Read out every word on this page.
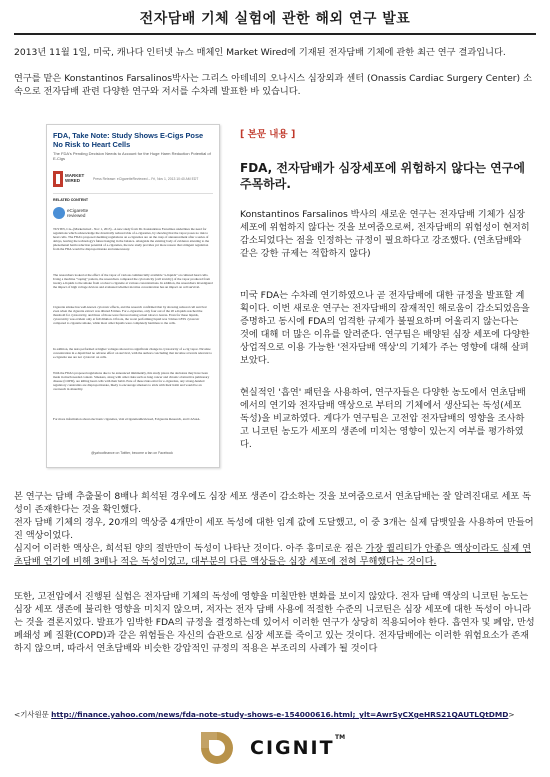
전자담배 기체 실험에 관한 해외 연구 발표

2013년 11월 1일, 미국, 캐나다 인터넷 뉴스 매체인 Market Wired에 기재된 전자담배 기체에 관한 최근 연구 결과입니다.

연구를 맡은 Konstantinos Farsalinos박사는 그리스 아테네의 오나시스 심장외과 센터 (Onassis Cardiac Surgery Center) 소속으로 전자담배 관련 다양한 연구와 저서를 수차례 발표한 바 있습니다.

FDA, Take Note: Study Shows E-Cigs Pose No Risk to Heart Cells
The FDA's Pending Decision Needs to Account for the Huge Harm Reduction Potential of E-Cigs
MARKET
WIRED	Press Release: eCigaretteReviewed – Fri, Nov 1, 2013 10:40 AM EDT
RELATED CONTENT
eCigarette
reviewed

TUSTIN, CA--(Marketwired - Nov 1, 2013) - A new study from Dr. Konstantinos Farsalinos underlines the need for regulations which acknowledge the drastically reduced risk of e-cigarettes, by showing that the vapor poses no risk to heart cells. The FDA's proposed deeming regulations on e-cigarettes are on the cusp of announcement after a series of delays, leaving the technology's future hanging in the balance. Alongside the existing body of evidence attesting to the phenomenal harm reduction potential of e-cigarettes, the new study provides yet more reason that stringent regulation from the FDA would be disproportionate and unnecessary.

The researchers looked at the effect of the vapor of various commercially available "e-liquids" on cultured heart cells. Using a machine "vaping" pattern, the researchers compared the cytotoxicity (cell toxicity) of the vapor produced from twenty e-liquids to the smoke from a tobacco cigarette at various concentrations. In addition, the researchers investigated the impact of high voltage devices and evaluated whether nicotine concentration has an impact on cell survival.

Cigarette smoke has well-known cytotoxic effects, and the research confirmed that by showing reduced cell survival even when the cigarette extract was diluted 8 times. For e-cigarettes, only four out of the 20 e-liquids reached the threshold for cytotoxicity, and three of those were flavored using actual tobacco leaves. Even for these liquids, cytotoxicity was evident only at full dilution. Of note, the worst performing liquid was 3 times LESS cytotoxic compared to cigarette smoke, while most other liquids were completely harmless to the cells.

In addition, the tests performed at higher voltages showed no significant change in cytotoxicity of e-cig vapor. Nicotine concentration in e-liquid had no adverse effect on survival, with the authors concluding that nicotine at levels relevant to e-cigarette use are not cytotoxic on cells.

With the FDA's proposed regulations due to be announced imminently, this study places the decisions they have been made in much needed context. Smokers, along with other risks such as lung cancer and chronic obstructive pulmonary disease (COPD), are killing heart cells with their habit. Pure of these risks exist for e-cigarettes, any strong-handed regulatory constraints are disproportionate, likely to encourage smokers to stick with their habit and would be an overreach in absurdity.

For more information about electronic cigarettes, visit eCigarettesReviewed, Ecigarette Research, and CASAA.

@yahoofinance on Twitter, become a fan on Facebook
[ 본문 내용 ]

FDA, 전자담배가 심장세포에 위험하지 않다는 연구에 주목하라.

Konstantinos Farsalinos 박사의 새로운 연구는 전자담배 기체가 심장 세포에 위험하지 않다는 것을 보여줌으로써, 전자담배의 위험성이 현저히 감소되었다는 점을 인정하는 규정이 필요하다고 강조했다. (연초담배와 같은 강한 규제는 적합하지 않다)

미국 FDA는 수차례 연기하였으나 곧 전자담배에 대한 규정을 발표할 계획이다. 이번 새로운 연구는 전자담배의 잠재적인 해로움이 감소되었음을 증명하고 동시에 FDA의 엄격한 규제가 불필요하며 어울리지 않는다는 것에 대해 더 많은 이유를 알려준다. 연구팀은 배양된 심장 세포에 다양한 상업적으로 이용 가능한 '전자담배 액상'의 기체가 주는 영향에 대해 살펴보았다.

현실적인 '흡연' 패턴을 사용하여, 연구자들은 다양한 농도에서 연초담배에서의 연기와 전자담배 액상으로 부터의 기체에서 생산되는 독성(세포 독성)을 비교하였다. 게다가 연구팀은 고전압 전자담배의 영향을 조사하고 니코틴 농도가 세포의 생존에 미치는 영향이 있는지 여부를 평가하였다.

본 연구는 담배 추출물이 8배나 희석된 경우에도 심장 세포 생존이 감소하는 것을 보여줌으로서 연초담배는 잘 알려진대로 세포 독성이 존재한다는 것을 확인했다.

전자 담배 기체의 경우, 20개의 액상중 4개만이 세포 독성에 대한 임계 값에 도달했고, 이 중 3개는 실제 담뱃잎을 사용하여 만들어진 액상이었다.

심지어 이러한 액상은, 희석된 양의 절반만이 독성이 나타난 것이다. 아주 흥미로운 점은 가장 퀄리티가 안좋은 액상이라도 실제 연초담배 연기에 비해 3배나 적은 독성이었고, 대부분의 다른 액상들은 심장 세포에 전혀 무해했다는 것이다.

또한, 고전압에서 진행된 실험은 전자담배 기체의 독성에 영향을 미칠만한 변화를 보이지 않았다. 전자 담배 액상의 니코틴 농도는 심장 세포 생존에 불리한 영향을 미치지 않으며, 저자는 전자 담배 사용에 적절한 수준의 니코틴은 심장 세포에 대한 독성이 아니라는 것을 결론지었다. 발표가 임박한 FDA의 규정을 결정하는데 있어서 이러한 연구가 상당히 적용되어야 한다. 흡연자 및 폐암, 만성 폐쇄성 폐 질환(COPD)과 같은 위험들은 자신의 습관으로 심장 세포를 죽이고 있는 것이다. 전자담배에는 이러한 위험요소가 존재하지 않으며, 따라서 연초담배와 비슷한 강압적인 규정의 적용은 부조리의 사례가 될 것이다

<기사원문 http://finance.yahoo.com/news/fda-note-study-shows-e-154000616.html;_ylt=AwrSyCXgeHRS21QAUTLQtDMD>
CIGNIT TM
